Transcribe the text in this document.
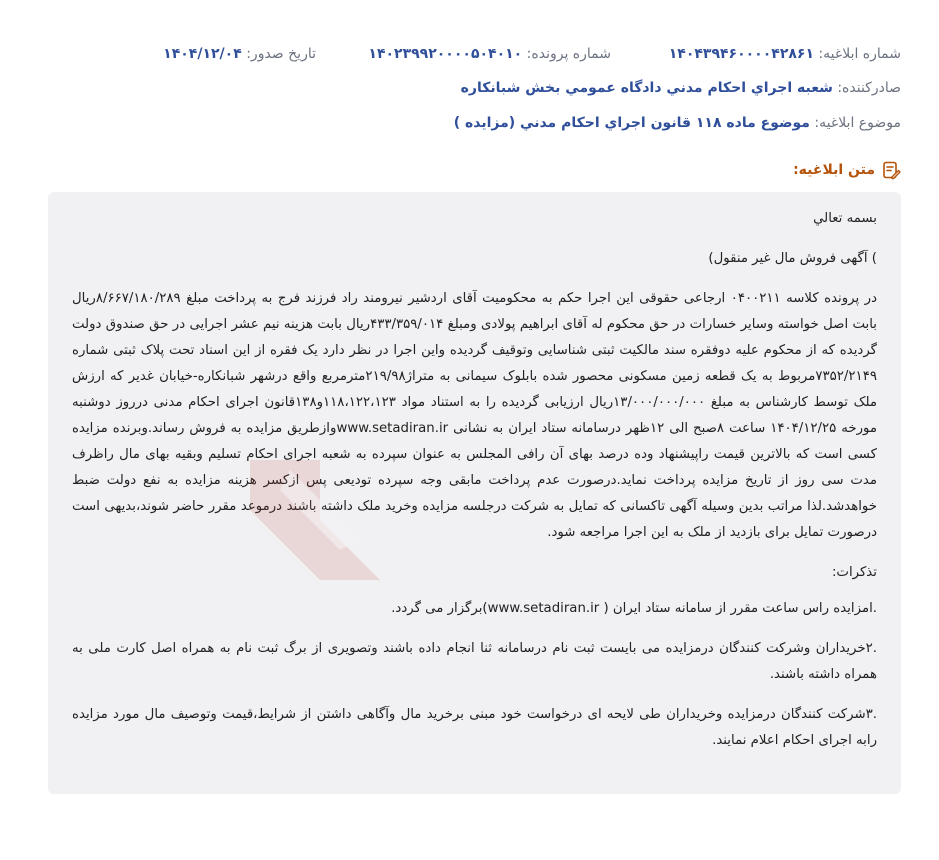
شماره ابلاغیه: ۱۴۰۴۳۹۴۶۰۰۰۰۴۲۸۶۱
شماره پرونده: ۱۴۰۲۳۹۹۲۰۰۰۰۵۰۴۰۱۰
تاریخ صدور: ۱۴۰۴/۱۲/۰۴
صادرکننده: شعبه اجراي احكام مدني دادگاه عمومي بخش شبانكاره
موضوع ابلاغیه: موضوع ماده ۱۱۸ قانون اجراي احكام مدني (مزايده )
متن ابلاغیه:

بسمه تعالي

) آگهی فروش مال غیر منقول)

در پرونده کلاسه ۰۴۰۰۲۱۱ ارجاعی حقوقی این اجرا حکم به محکومیت آقای اردشیر نیرومند راد فرزند فرج به پرداخت مبلغ ۸/۶۶۷/۱۸۰/۲۸۹ریال بابت اصل خواسته وسایر خسارات در حق محکوم له آقای ابراهیم پولادی ومبلغ ۴۳۳/۳۵۹/۰۱۴ریال بابت هزینه نیم عشر اجرایی در حق صندوق دولت گردیده که از محکوم علیه دوفقره سند مالکیت ثبتی شناسایی وتوقیف گردیده واین اجرا در نظر دارد یک فقره از این اسناد تحت پلاک ثبتی شماره ۷۳۵۲/۲۱۴۹مربوط به یک قطعه زمین مسکونی محصور شده بابلوک سیمانی به متراژ۲۱۹/۹۸مترمربع واقع درشهر شبانکاره-خیابان غدیر که ارزش ملک توسط کارشناس به مبلغ ۱۳/۰۰۰/۰۰۰/۰۰۰ریال ارزیابی گردیده را به استناد مواد ۱۱۸،۱۲۲،۱۲۳و۱۳۸قانون اجرای احکام مدنی درروز دوشنبه مورخه ۱۴۰۴/۱۲/۲۵ ساعت ۸صبح الی ۱۲ظهر درسامانه ستاد ایران به نشانی www.setadiran.irوازطریق مزایده به فروش رساند.وبرنده مزایده کسی است که بالاترین قیمت راپیشنهاد وده درصد بهای آن رافی المجلس به عنوان سپرده به شعبه اجرای احکام تسلیم وبقیه بهای مال راظرف مدت سی روز از تاریخ مزایده پرداخت نماید.درصورت عدم پرداخت مابقی وجه سپرده تودیعی پس ازکسر هزینه مزایده به نفع دولت ضبط خواهدشد.لذا مراتب بدین وسیله آگهی تاکسانی که تمایل به شرکت درجلسه مزایده وخرید ملک داشته باشند درموعد مقرر حاضر شوند،بدیهی است درصورت تمایل برای بازدید از ملک به این اجرا مراجعه شود.

تذکرات:

.امزایده راس ساعت مقرر از سامانه ستاد ایران ( www.setadiran.ir)برگزار می گردد.

.۲خریداران وشرکت کنندگان درمزایده می بایست ثبت نام درسامانه ثنا انجام داده باشند وتصویری از برگ ثبت نام به همراه اصل کارت ملی به همراه داشته باشند.

.۳شرکت کنندگان درمزایده وخریداران طی لایحه ای درخواست خود مبنی برخرید مال وآگاهی داشتن از شرایط،قیمت وتوصیف مال مورد مزایده رابه اجرای احکام اعلام نمایند.
